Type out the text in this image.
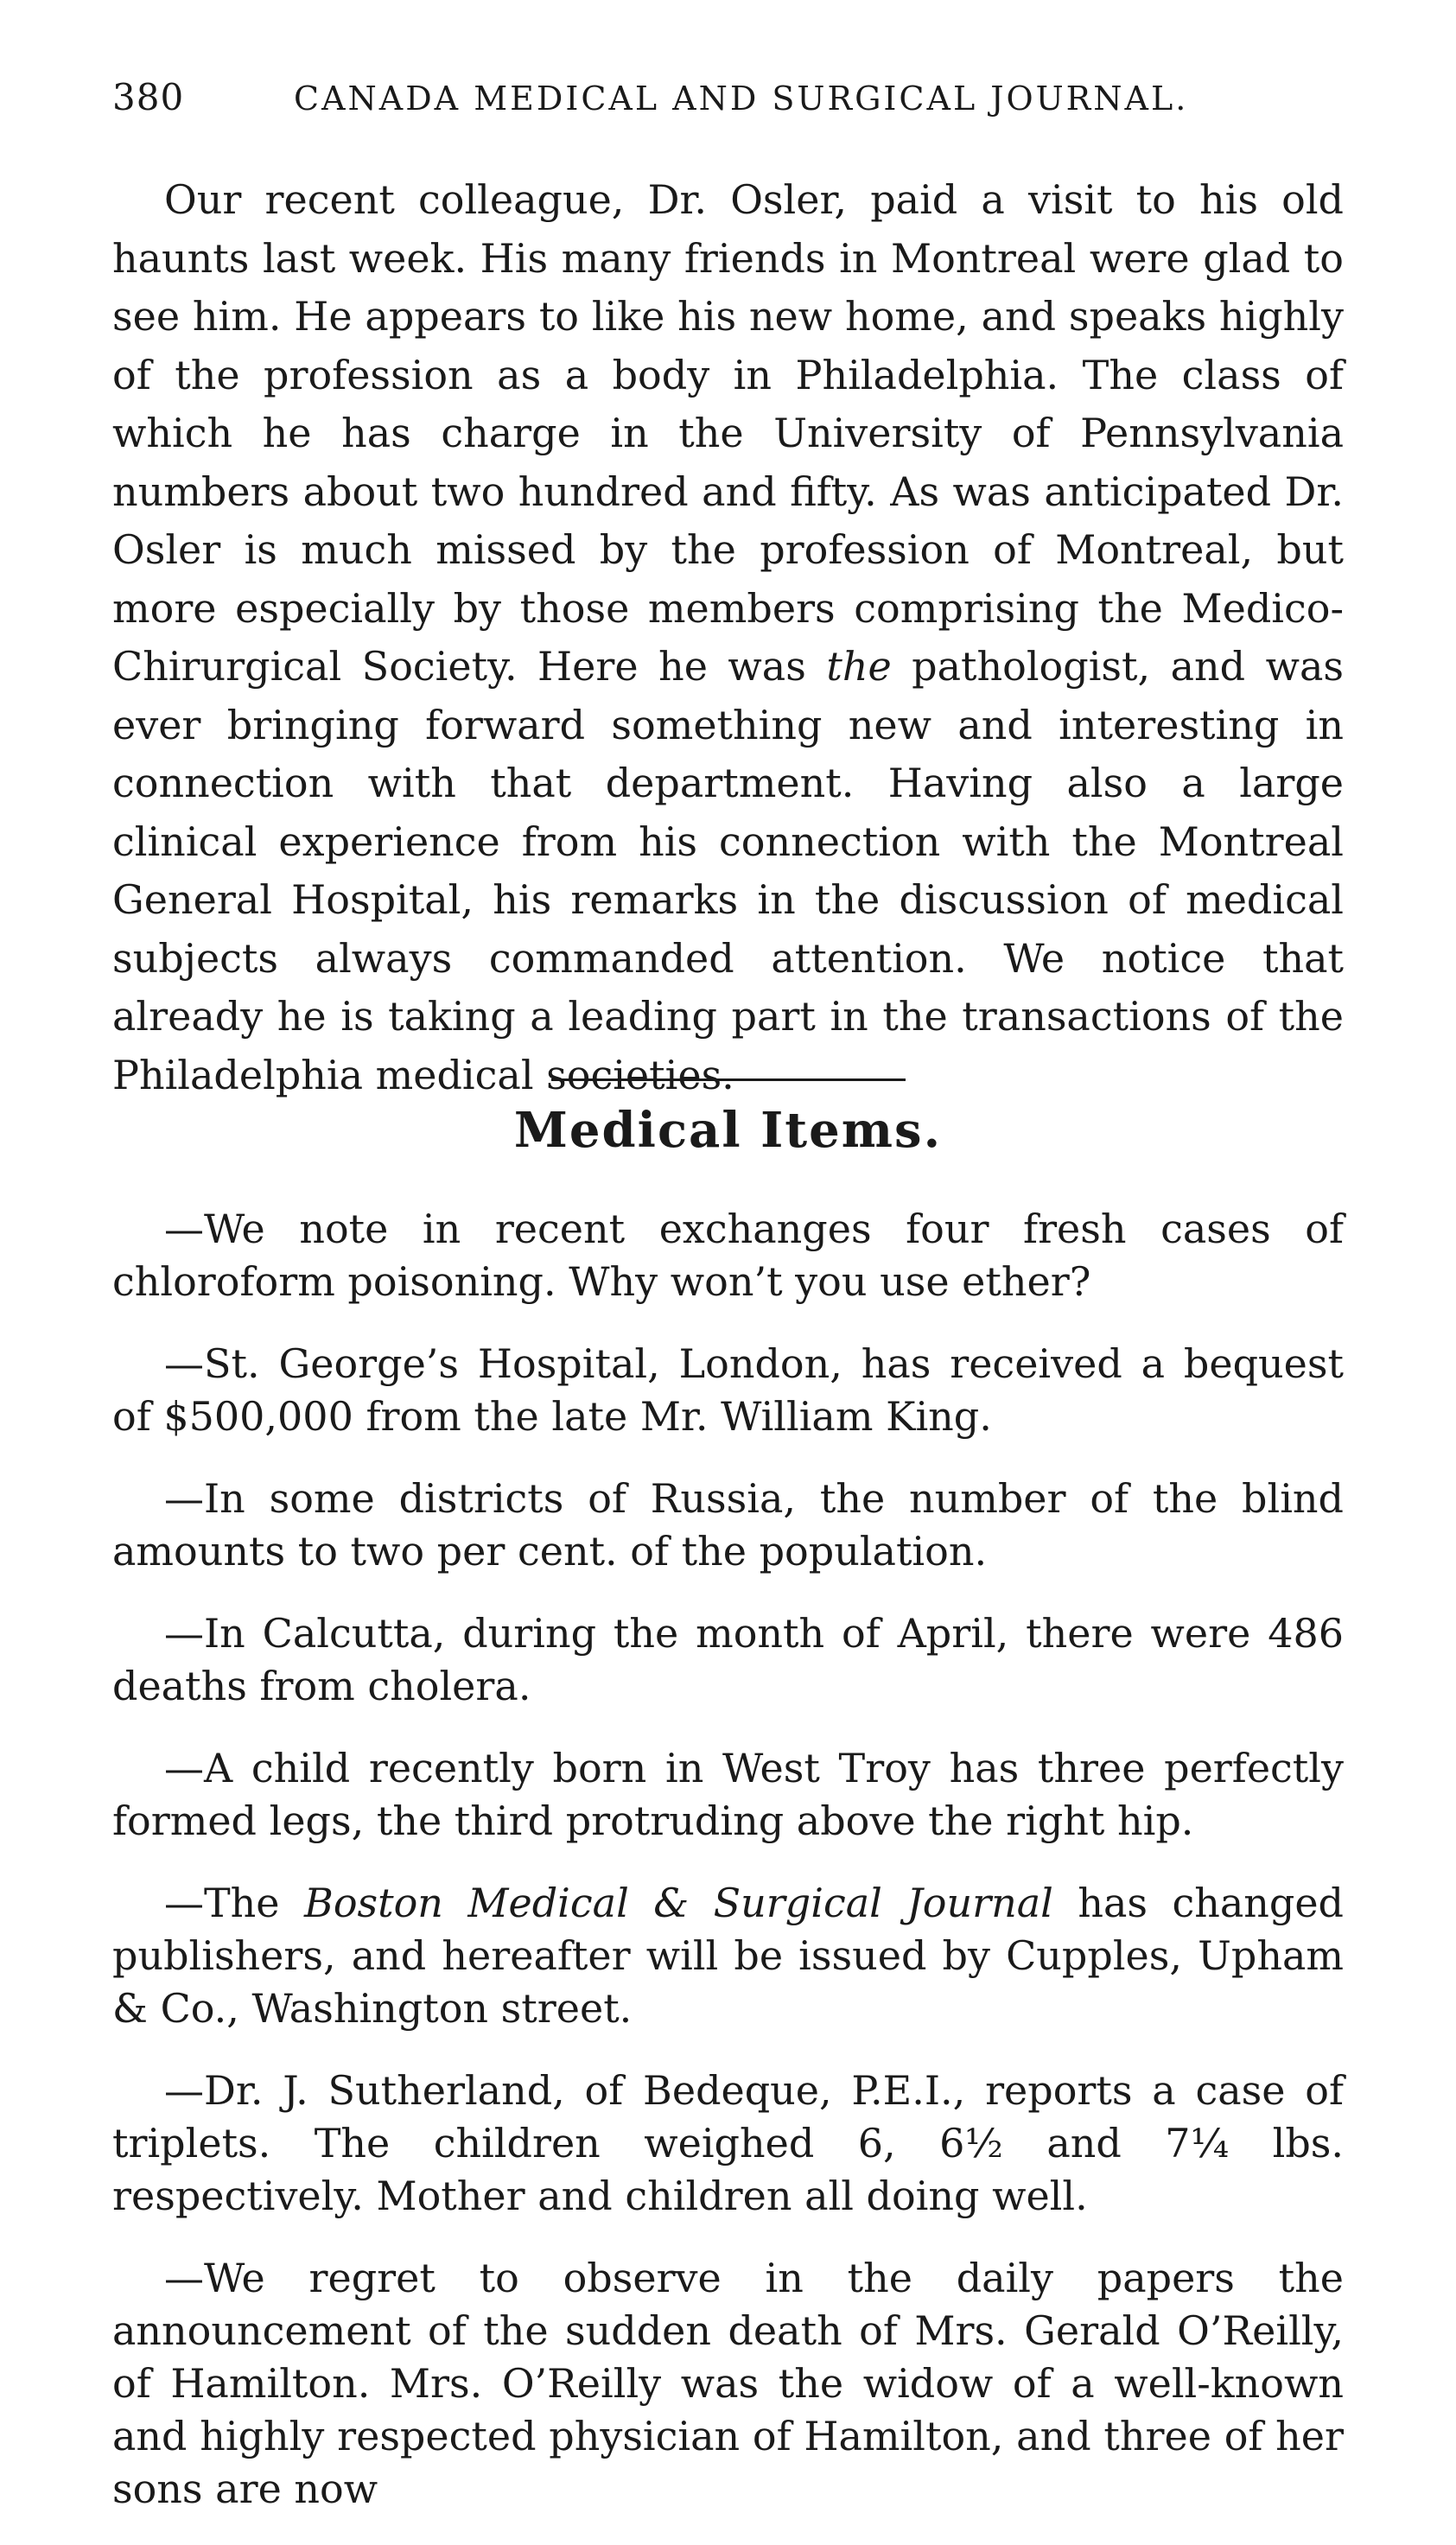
380	CANADA MEDICAL AND SURGICAL JOURNAL.

Our recent colleague, Dr. Osler, paid a visit to his old haunts last week. His many friends in Montreal were glad to see him. He appears to like his new home, and speaks highly of the profession as a body in Philadelphia. The class of which he has charge in the University of Pennsylvania numbers about two hundred and fifty. As was anticipated Dr. Osler is much missed by the profession of Montreal, but more especially by those members comprising the Medico-Chirurgical Society. Here he was the pathologist, and was ever bringing forward something new and interesting in connection with that department. Having also a large clinical experience from his connection with the Montreal General Hospital, his remarks in the discussion of medical subjects always commanded attention. We notice that already he is taking a leading part in the transactions of the Philadelphia medical societies.

Medical Items.

—We note in recent exchanges four fresh cases of chloroform poisoning. Why won’t you use ether?

—St. George’s Hospital, London, has received a bequest of $500,000 from the late Mr. William King.

—In some districts of Russia, the number of the blind amounts to two per cent. of the population.

—In Calcutta, during the month of April, there were 486 deaths from cholera.

—A child recently born in West Troy has three perfectly formed legs, the third protruding above the right hip.

—The Boston Medical & Surgical Journal has changed publishers, and hereafter will be issued by Cupples, Upham & Co., Washington street.

—Dr. J. Sutherland, of Bedeque, P.E.I., reports a case of triplets. The children weighed 6, 6½ and 7¼ lbs. respectively. Mother and children all doing well.

—We regret to observe in the daily papers the announcement of the sudden death of Mrs. Gerald O’Reilly, of Hamilton. Mrs. O’Reilly was the widow of a well-known and highly respected physician of Hamilton, and three of her sons are now
